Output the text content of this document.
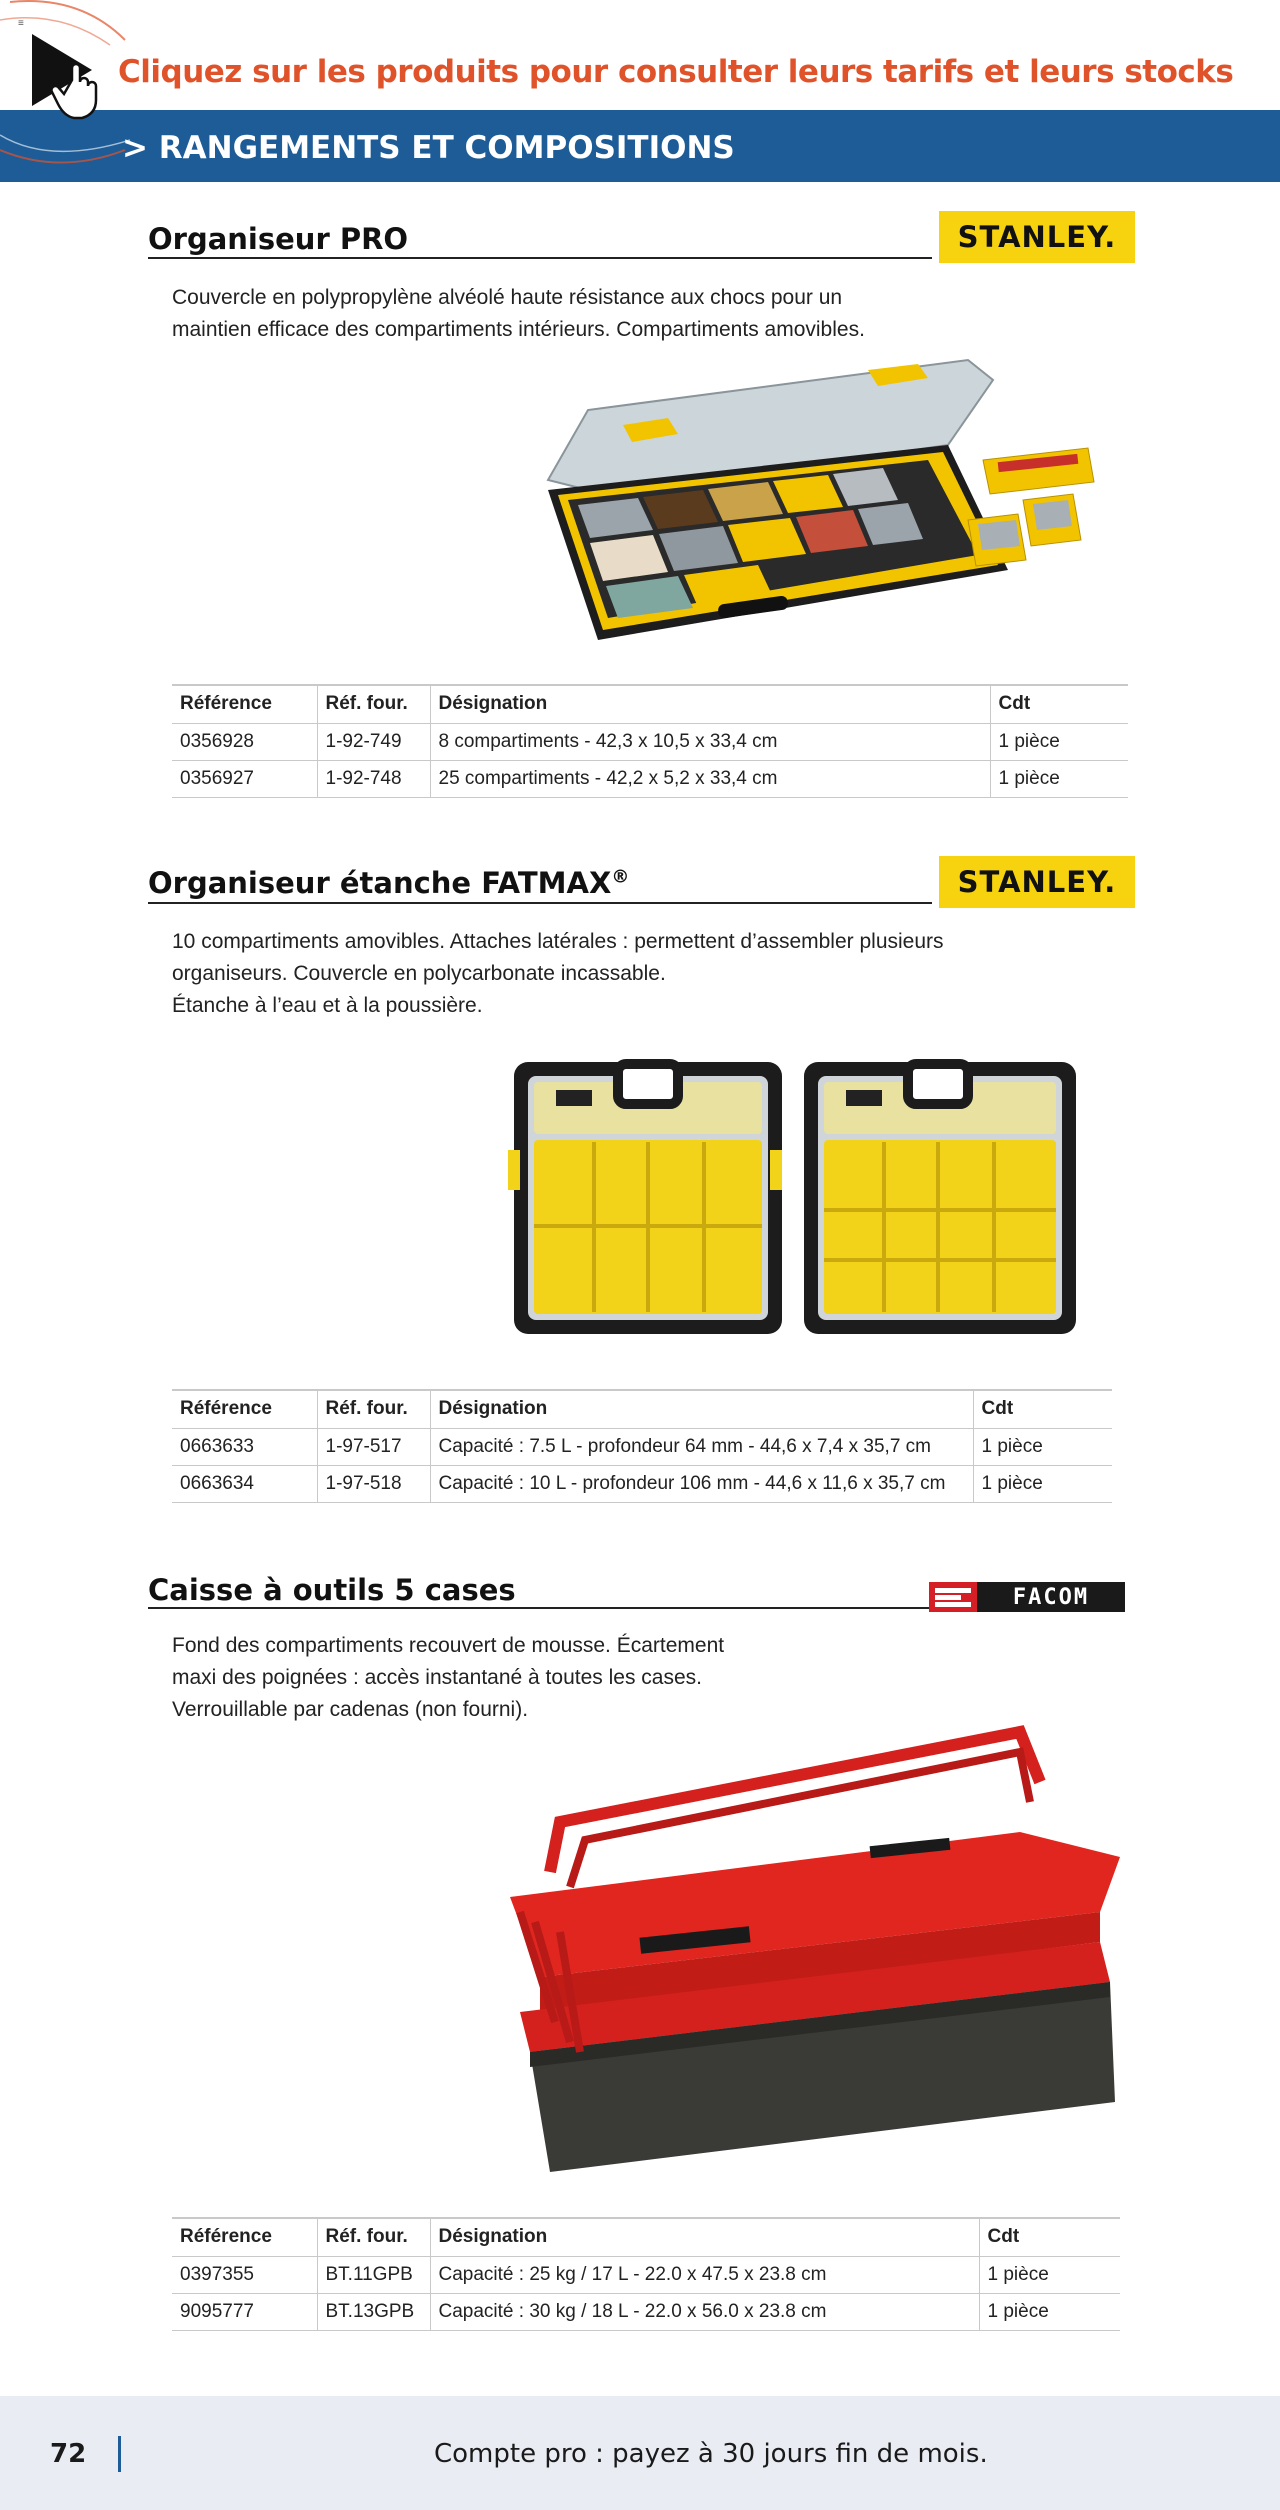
≡
Cliquez sur les produits pour consulter leurs tarifs et leurs stocks
> RANGEMENTS ET COMPOSITIONS
Organiseur PRO	STANLEY.
Couvercle en polypropylène alvéolé haute résistance aux chocs pour un
maintien efficace des compartiments intérieurs. Compartiments amovibles.
Référence	Réf. four.	Désignation	Cdt
0356928	1-92-749	8 compartiments - 42,3 x 10,5 x 33,4 cm	1 pièce
0356927	1-92-748	25 compartiments - 42,2 x 5,2 x 33,4 cm	1 pièce
Organiseur étanche FATMAX®	STANLEY.
10 compartiments amovibles. Attaches latérales : permettent d’assembler plusieurs
organiseurs. Couvercle en polycarbonate incassable.
Étanche à l’eau et à la poussière.
Référence	Réf. four.	Désignation	Cdt
0663633	1-97-517	Capacité : 7.5 L - profondeur 64 mm - 44,6 x 7,4 x 35,7 cm	1 pièce
0663634	1-97-518	Capacité : 10 L - profondeur 106 mm - 44,6 x 11,6 x 35,7 cm	1 pièce
Caisse à outils 5 cases	FACOM
Fond des compartiments recouvert de mousse. Écartement
maxi des poignées : accès instantané à toutes les cases.
Verrouillable par cadenas (non fourni).
Référence	Réf. four.	Désignation	Cdt
0397355	BT.11GPB	Capacité : 25 kg / 17 L - 22.0 x 47.5 x 23.8 cm	1 pièce
9095777	BT.13GPB	Capacité : 30 kg / 18 L - 22.0 x 56.0 x 23.8 cm	1 pièce
72	Compte pro : payez à 30 jours fin de mois.
